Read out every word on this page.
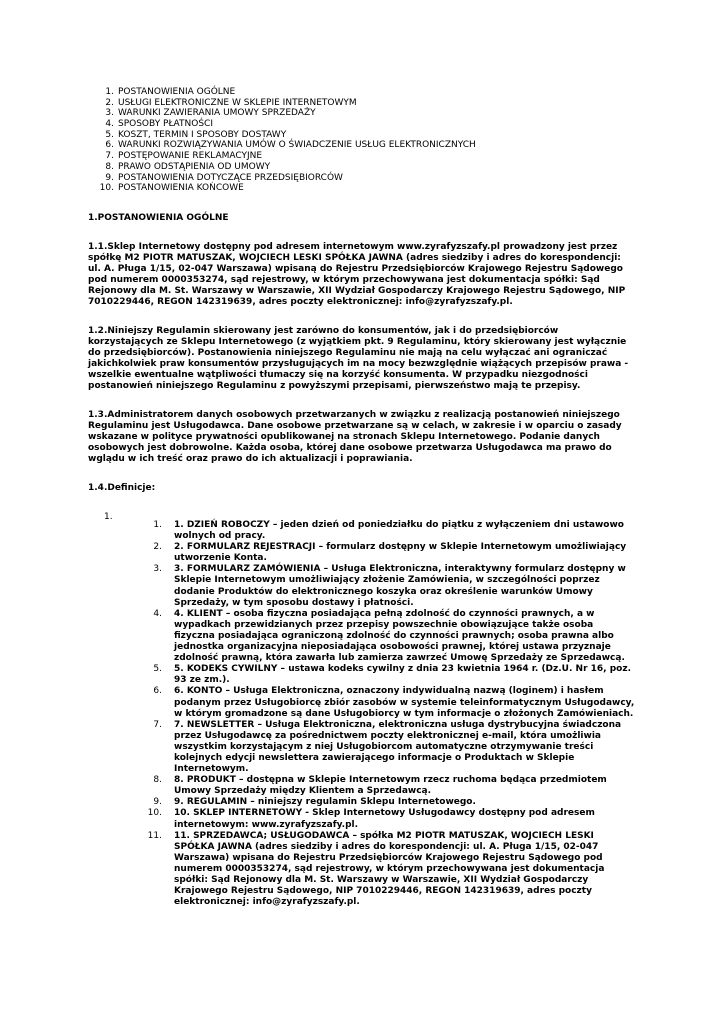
1. POSTANOWIENIA OGÓLNE
2. USŁUGI ELEKTRONICZNE W SKLEPIE INTERNETOWYM
3. WARUNKI ZAWIERANIA UMOWY SPRZEDAŻY
4. SPOSOBY PŁATNOŚCI
5. KOSZT, TERMIN I SPOSOBY DOSTAWY
6. WARUNKI ROZWIĄZYWANIA UMÓW O ŚWIADCZENIE USŁUG ELEKTRONICZNYCH
7. POSTĘPOWANIE REKLAMACYJNE
8. PRAWO ODSTĄPIENIA OD UMOWY
9. POSTANOWIENIA DOTYCZĄCE PRZEDSIĘBIORCÓW
10. POSTANOWIENIA KOŃCOWE
1.POSTANOWIENIA OGÓLNE

1.1.Sklep Internetowy dostępny pod adresem internetowym www.zyrafyzszafy.pl prowadzony jest przez spółkę M2 PIOTR MATUSZAK, WOJCIECH LESKI SPÓŁKA JAWNA (adres siedziby i adres do korespondencji: ul. A. Pługa 1/15, 02-047 Warszawa) wpisaną do Rejestru Przedsiębiorców Krajowego Rejestru Sądowego pod numerem 0000353274, sąd rejestrowy, w którym przechowywana jest dokumentacja spółki: Sąd Rejonowy dla M. St. Warszawy w Warszawie, XII Wydział Gospodarczy Krajowego Rejestru Sądowego, NIP 7010229446, REGON 142319639, adres poczty elektronicznej: info@zyrafyzszafy.pl.

1.2.Niniejszy Regulamin skierowany jest zarówno do konsumentów, jak i do przedsiębiorców korzystających ze Sklepu Internetowego (z wyjątkiem pkt. 9 Regulaminu, który skierowany jest wyłącznie do przedsiębiorców). Postanowienia niniejszego Regulaminu nie mają na celu wyłączać ani ograniczać jakichkolwiek praw konsumentów przysługujących im na mocy bezwzględnie wiążących przepisów prawa - wszelkie ewentualne wątpliwości tłumaczy się na korzyść konsumenta. W przypadku niezgodności postanowień niniejszego Regulaminu z powyższymi przepisami, pierwszeństwo mają te przepisy.

1.3.Administratorem danych osobowych przetwarzanych w związku z realizacją postanowień niniejszego Regulaminu jest Usługodawca. Dane osobowe przetwarzane są w celach, w zakresie i w oparciu o zasady wskazane w polityce prywatności opublikowanej na stronach Sklepu Internetowego. Podanie danych osobowych jest dobrowolne. Każda osoba, której dane osobowe przetwarza Usługodawca ma prawo do wglądu w ich treść oraz prawo do ich aktualizacji i poprawiania.

1.4.Definicje:
1.
1. 1. DZIEŃ ROBOCZY – jeden dzień od poniedziałku do piątku z wyłączeniem dni ustawowo wolnych od pracy.
2. 2. FORMULARZ REJESTRACJI – formularz dostępny w Sklepie Internetowym umożliwiający utworzenie Konta.
3. 3. FORMULARZ ZAMÓWIENIA – Usługa Elektroniczna, interaktywny formularz dostępny w Sklepie Internetowym umożliwiający złożenie Zamówienia, w szczególności poprzez dodanie Produktów do elektronicznego koszyka oraz określenie warunków Umowy Sprzedaży, w tym sposobu dostawy i płatności.
4. 4. KLIENT – osoba fizyczna posiadająca pełną zdolność do czynności prawnych, a w wypadkach przewidzianych przez przepisy powszechnie obowiązujące także osoba fizyczna posiadająca ograniczoną zdolność do czynności prawnych; osoba prawna albo jednostka organizacyjna nieposiadająca osobowości prawnej, której ustawa przyznaje zdolność prawną, która zawarła lub zamierza zawrzeć Umowę Sprzedaży ze Sprzedawcą.
5. 5. KODEKS CYWILNY – ustawa kodeks cywilny z dnia 23 kwietnia 1964 r. (Dz.U. Nr 16, poz. 93 ze zm.).
6. 6. KONTO – Usługa Elektroniczna, oznaczony indywidualną nazwą (loginem) i hasłem podanym przez Usługobiorcę zbiór zasobów w systemie teleinformatycznym Usługodawcy, w którym gromadzone są dane Usługobiorcy w tym informacje o złożonych Zamówieniach.
7. 7. NEWSLETTER – Usługa Elektroniczna, elektroniczna usługa dystrybucyjna świadczona przez Usługodawcę za pośrednictwem poczty elektronicznej e-mail, która umożliwia wszystkim korzystającym z niej Usługobiorcom automatyczne otrzymywanie treści kolejnych edycji newslettera zawierającego informacje o Produktach w Sklepie Internetowym.
8. 8. PRODUKT – dostępna w Sklepie Internetowym rzecz ruchoma będąca przedmiotem Umowy Sprzedaży między Klientem a Sprzedawcą.
9. 9. REGULAMIN – niniejszy regulamin Sklepu Internetowego.
10. 10. SKLEP INTERNETOWY - Sklep Internetowy Usługodawcy dostępny pod adresem internetowym: www.zyrafyzszafy.pl.
11. 11. SPRZEDAWCA; USŁUGODAWCA – spółka M2 PIOTR MATUSZAK, WOJCIECH LESKI SPÓŁKA JAWNA (adres siedziby i adres do korespondencji: ul. A. Pługa 1/15, 02-047 Warszawa) wpisana do Rejestru Przedsiębiorców Krajowego Rejestru Sądowego pod numerem 0000353274, sąd rejestrowy, w którym przechowywana jest dokumentacja spółki: Sąd Rejonowy dla M. St. Warszawy w Warszawie, XII Wydział Gospodarczy Krajowego Rejestru Sądowego, NIP 7010229446, REGON 142319639, adres poczty elektronicznej: info@zyrafyzszafy.pl.
